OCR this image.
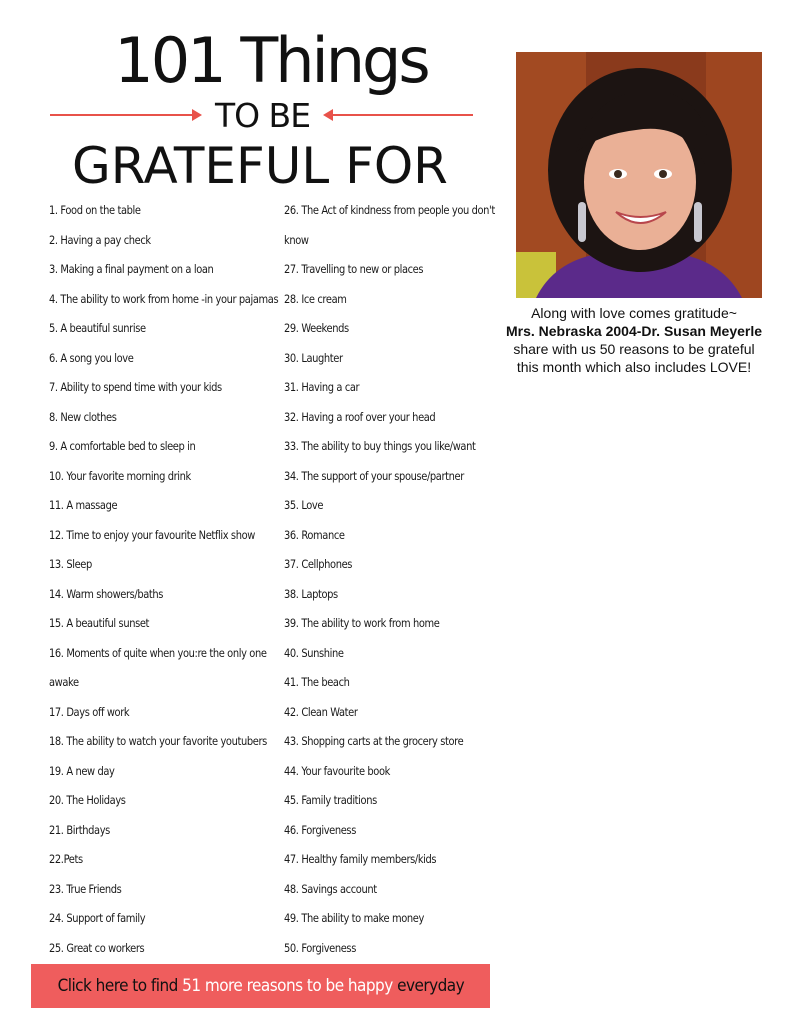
101 Things
TO BE
GRATEFUL FOR
1. Food on the table
2. Having a pay check
3. Making a final payment on a loan
4. The ability to work from home -in your pajamas
5. A beautiful sunrise
6. A song you love
7. Ability to spend time with your kids
8. New clothes
9. A comfortable bed to sleep in
10. Your favorite morning drink
11. A massage
12. Time to enjoy your favourite Netflix show
13. Sleep
14. Warm showers/baths
15. A beautiful sunset
16. Moments of quite when you:re the only one
awake
17. Days off work
18. The ability to watch your favorite youtubers
19. A new day
20. The Holidays
21. Birthdays
22.Pets
23. True Friends
24. Support of family
25. Great co workers
26. The Act of kindness from people you don't
know
27. Travelling to new or places
28. Ice cream
29. Weekends
30. Laughter
31. Having a car
32. Having a roof over your head
33. The ability to buy things you like/want
34. The support of your spouse/partner
35. Love
36. Romance
37. Cellphones
38. Laptops
39. The ability to work from home
40. Sunshine
41. The beach
42. Clean Water
43. Shopping carts at the grocery store
44. Your favourite book
45. Family traditions
46. Forgiveness
47. Healthy family members/kids
48. Savings account
49. The ability to make money
50. Forgiveness
Along with love comes gratitude~
Mrs. Nebraska 2004-Dr. Susan Meyerle
share with us 50 reasons to be grateful
this month which also includes LOVE!
Click here to find 51 more reasons to be happy everyday
